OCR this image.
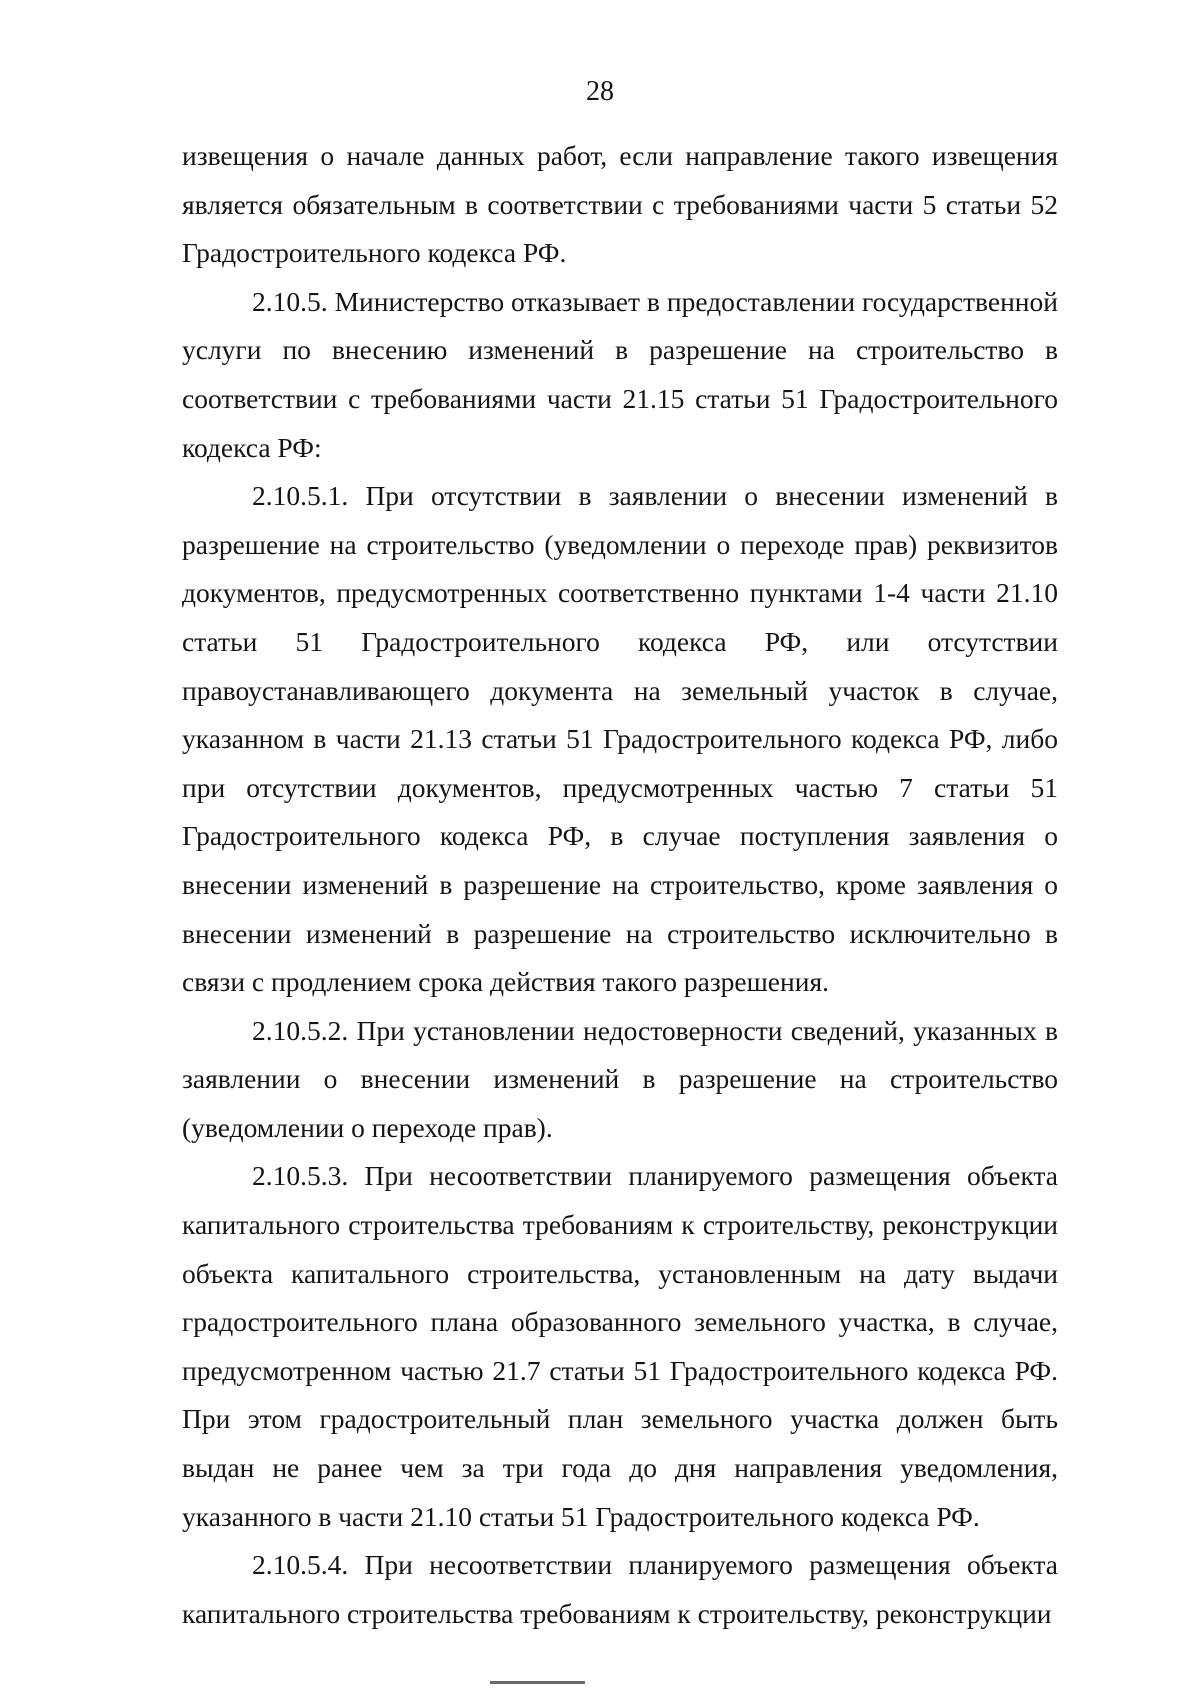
28

извещения о начале данных работ, если направление такого извещения является обязательным в соответствии с требованиями части 5 статьи 52 Градостроительного кодекса РФ.

2.10.5. Министерство отказывает в предоставлении государственной услуги по внесению изменений в разрешение на строительство в соответствии с требованиями части 21.15 статьи 51 Градостроительного кодекса РФ:

2.10.5.1. При отсутствии в заявлении о внесении изменений в разрешение на строительство (уведомлении о переходе прав) реквизитов документов, предусмотренных соответственно пунктами 1-4 части 21.10 статьи 51 Градостроительного кодекса РФ, или отсутствии правоустанавливающего документа на земельный участок в случае, указанном в части 21.13 статьи 51 Градостроительного кодекса РФ, либо при отсутствии документов, предусмотренных частью 7 статьи 51 Градостроительного кодекса РФ, в случае поступления заявления о внесении изменений в разрешение на строительство, кроме заявления о внесении изменений в разрешение на строительство исключительно в связи с продлением срока действия такого разрешения.

2.10.5.2. При установлении недостоверности сведений, указанных в заявлении о внесении изменений в разрешение на строительство (уведомлении о переходе прав).

2.10.5.3. При несоответствии планируемого размещения объекта капитального строительства требованиям к строительству, реконструкции объекта капитального строительства, установленным на дату выдачи градостроительного плана образованного земельного участка, в случае, предусмотренном частью 21.7 статьи 51 Градостроительного кодекса РФ. При этом градостроительный план земельного участка должен быть выдан не ранее чем за три года до дня направления уведомления, указанного в части 21.10 статьи 51 Градостроительного кодекса РФ.

2.10.5.4. При несоответствии планируемого размещения объекта капитального строительства требованиям к строительству, реконструкции
